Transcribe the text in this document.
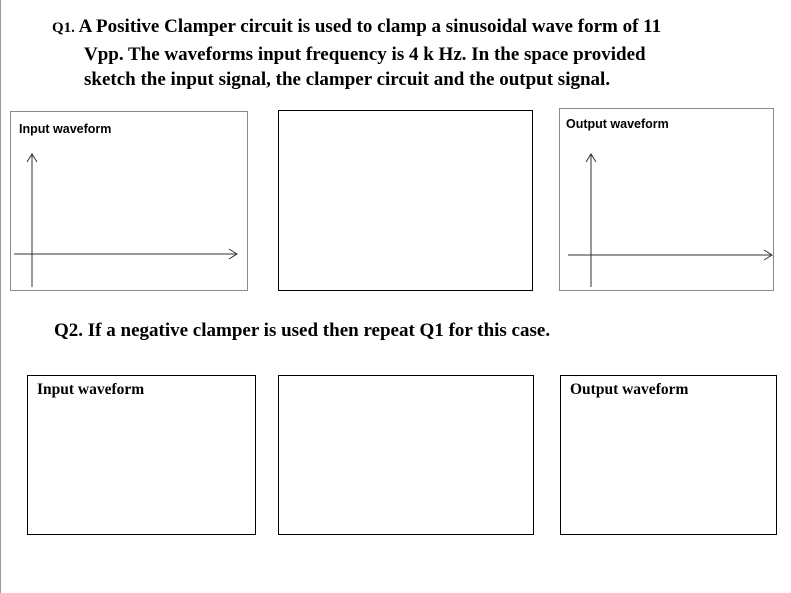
Q1. A Positive Clamper circuit is used to clamp a sinusoidal wave form of 11
Vpp. The waveforms input frequency is 4 k Hz. In the space provided
sketch the input signal, the clamper circuit and the output signal.
Input waveform	Output waveform
Q2. If a negative clamper is used then repeat Q1 for this case.
Input waveform	Output waveform
